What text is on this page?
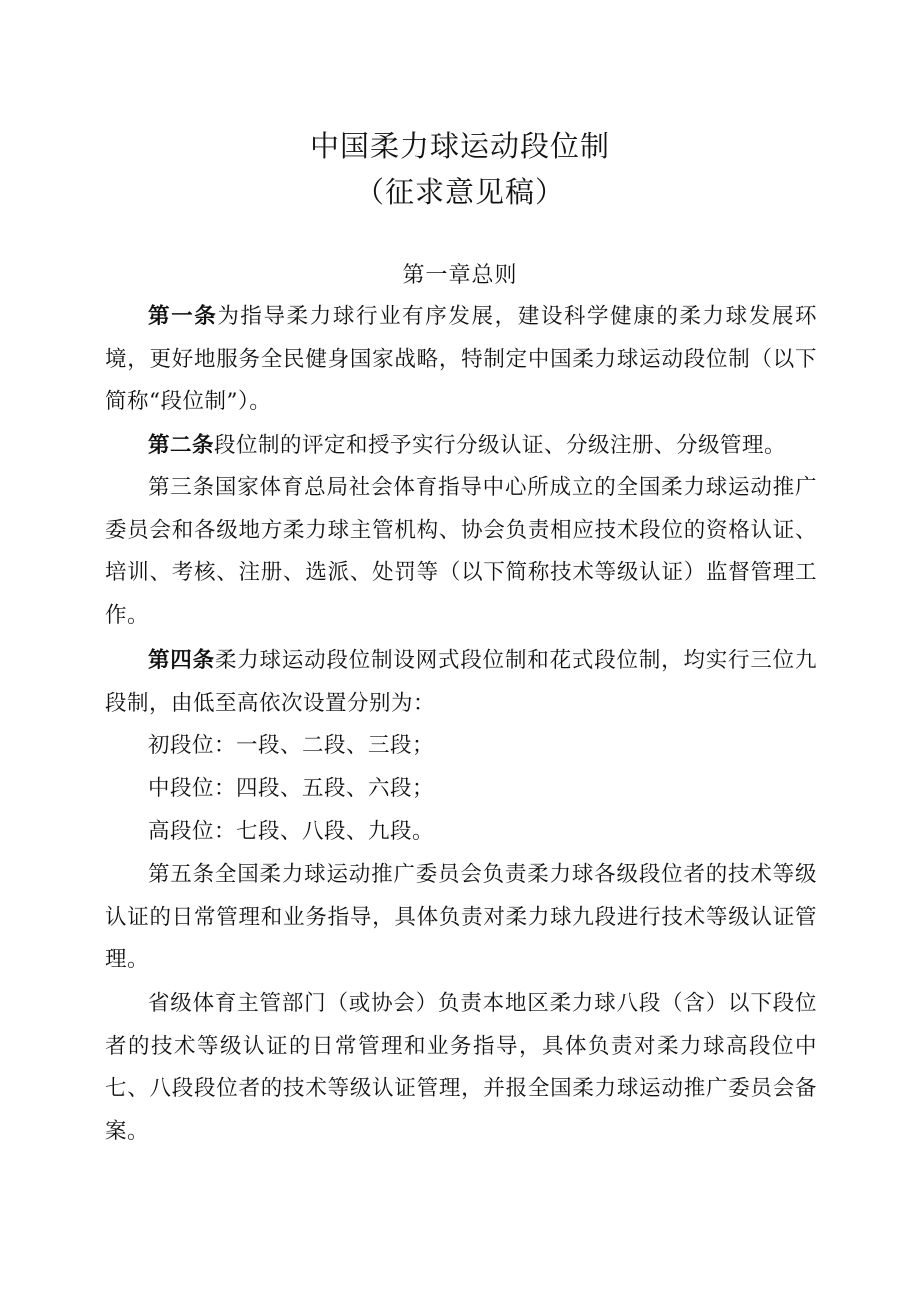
中国柔力球运动段位制
（征求意见稿）
第一章总则
第一条为指导柔力球行业有序发展，建设科学健康的柔力球发展环境，更好地服务全民健身国家战略，特制定中国柔力球运动段位制（以下简称“段位制”）。
第二条段位制的评定和授予实行分级认证、分级注册、分级管理。
第三条国家体育总局社会体育指导中心所成立的全国柔力球运动推广委员会和各级地方柔力球主管机构、协会负责相应技术段位的资格认证、培训、考核、注册、选派、处罚等（以下简称技术等级认证）监督管理工作。
第四条柔力球运动段位制设网式段位制和花式段位制，均实行三位九段制，由低至高依次设置分别为：
初段位：一段、二段、三段；
中段位：四段、五段、六段；
高段位：七段、八段、九段。
第五条全国柔力球运动推广委员会负责柔力球各级段位者的技术等级认证的日常管理和业务指导，具体负责对柔力球九段进行技术等级认证管理。
省级体育主管部门（或协会）负责本地区柔力球八段（含）以下段位者的技术等级认证的日常管理和业务指导，具体负责对柔力球高段位中七、八段段位者的技术等级认证管理，并报全国柔力球运动推广委员会备案。
